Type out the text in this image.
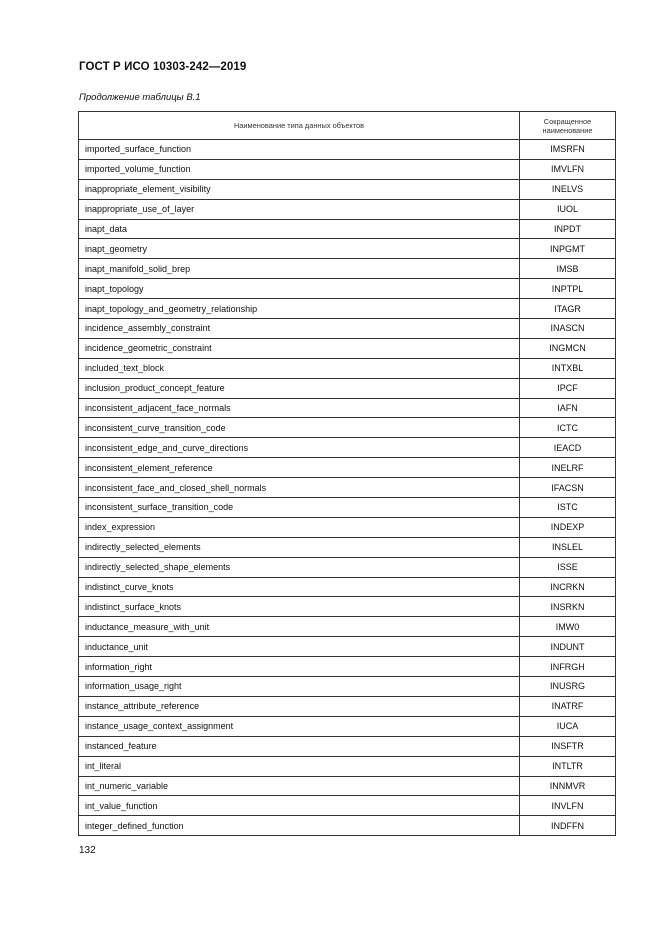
ГОСТ Р ИСО 10303-242—2019
Продолжение таблицы В.1
Наименование типа данных объектов	Сокращенное
наименование
imported_surface_function	IMSRFN
imported_volume_function	IMVLFN
inappropriate_element_visibility	INELVS
inappropriate_use_of_layer	IUOL
inapt_data	INPDT
inapt_geometry	INPGMT
inapt_manifold_solid_brep	IMSB
inapt_topology	INPTPL
inapt_topology_and_geometry_relationship	ITAGR
incidence_assembly_constraint	INASCN
incidence_geometric_constraint	INGMCN
included_text_block	INTXBL
inclusion_product_concept_feature	IPCF
inconsistent_adjacent_face_normals	IAFN
inconsistent_curve_transition_code	ICTC
inconsistent_edge_and_curve_directions	IEACD
inconsistent_element_reference	INELRF
inconsistent_face_and_closed_shell_normals	IFACSN
inconsistent_surface_transition_code	ISTC
index_expression	INDEXP
indirectly_selected_elements	INSLEL
indirectly_selected_shape_elements	ISSE
indistinct_curve_knots	INCRKN
indistinct_surface_knots	INSRKN
inductance_measure_with_unit	IMW0
inductance_unit	INDUNT
information_right	INFRGH
information_usage_right	INUSRG
instance_attribute_reference	INATRF
instance_usage_context_assignment	IUCA
instanced_feature	INSFTR
int_literal	INTLTR
int_numeric_variable	INNMVR
int_value_function	INVLFN
integer_defined_function	INDFFN
132
